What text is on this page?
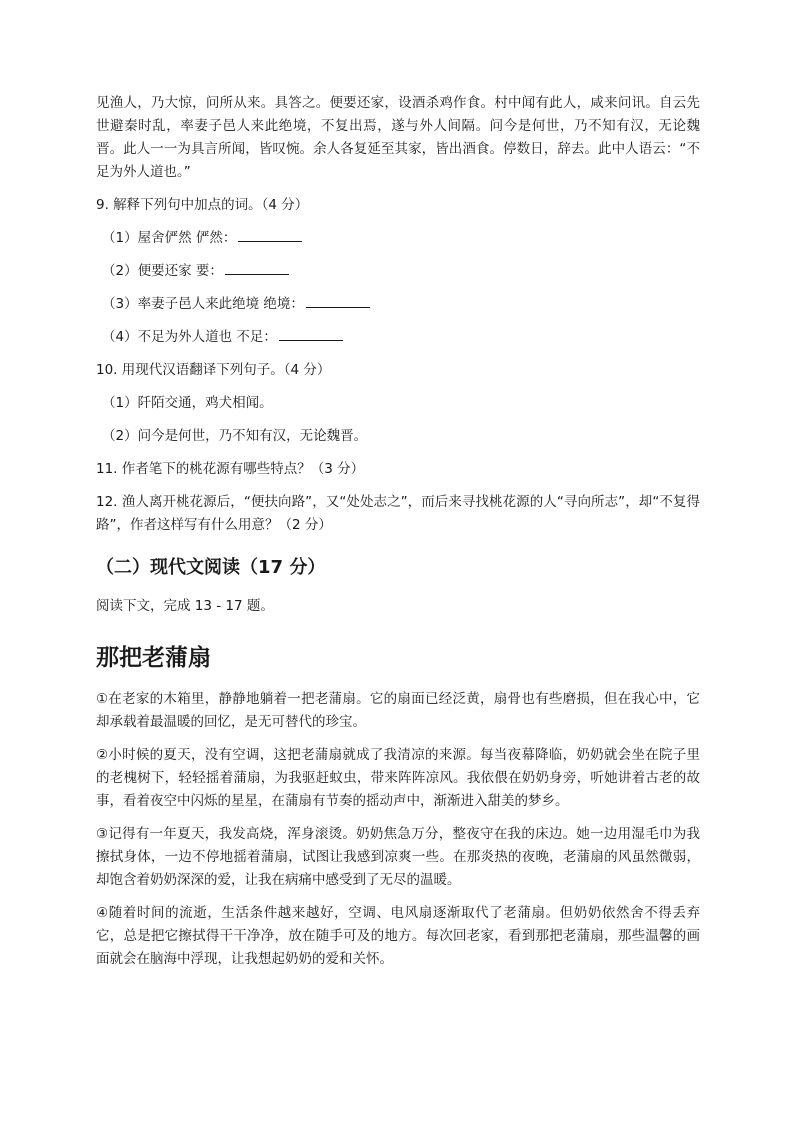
见渔人，乃大惊，问所从来。具答之。便要还家，设酒杀鸡作食。村中闻有此人，咸来问讯。自云先世避秦时乱，率妻子邑人来此绝境，不复出焉，遂与外人间隔。问今是何世，乃不知有汉，无论魏晋。此人一一为具言所闻，皆叹惋。余人各复延至其家，皆出酒食。停数日，辞去。此中人语云：“不足为外人道也。”

9. 解释下列句中加点的词。（4 分）

（1）屋舍俨然 俨然：

（2）便要还家 要：

（3）率妻子邑人来此绝境 绝境：

（4）不足为外人道也 不足：

10. 用现代汉语翻译下列句子。（4 分）

（1）阡陌交通，鸡犬相闻。

（2）问今是何世，乃不知有汉，无论魏晋。

11. 作者笔下的桃花源有哪些特点？（3 分）

12. 渔人离开桃花源后，“便扶向路”，又“处处志之”，而后来寻找桃花源的人“寻向所志”，却“不复得路”，作者这样写有什么用意？（2 分）

（二）现代文阅读（17 分）

阅读下文，完成 13 - 17 题。

那把老蒲扇

①在老家的木箱里，静静地躺着一把老蒲扇。它的扇面已经泛黄，扇骨也有些磨损，但在我心中，它却承载着最温暖的回忆，是无可替代的珍宝。

②小时候的夏天，没有空调，这把老蒲扇就成了我清凉的来源。每当夜幕降临，奶奶就会坐在院子里的老槐树下，轻轻摇着蒲扇，为我驱赶蚊虫，带来阵阵凉风。我依偎在奶奶身旁，听她讲着古老的故事，看着夜空中闪烁的星星，在蒲扇有节奏的摇动声中，渐渐进入甜美的梦乡。

③记得有一年夏天，我发高烧，浑身滚烫。奶奶焦急万分，整夜守在我的床边。她一边用湿毛巾为我擦拭身体，一边不停地摇着蒲扇，试图让我感到凉爽一些。在那炎热的夜晚，老蒲扇的风虽然微弱，却饱含着奶奶深深的爱，让我在病痛中感受到了无尽的温暖。

④随着时间的流逝，生活条件越来越好，空调、电风扇逐渐取代了老蒲扇。但奶奶依然舍不得丢弃它，总是把它擦拭得干干净净，放在随手可及的地方。每次回老家，看到那把老蒲扇，那些温馨的画面就会在脑海中浮现，让我想起奶奶的爱和关怀。
